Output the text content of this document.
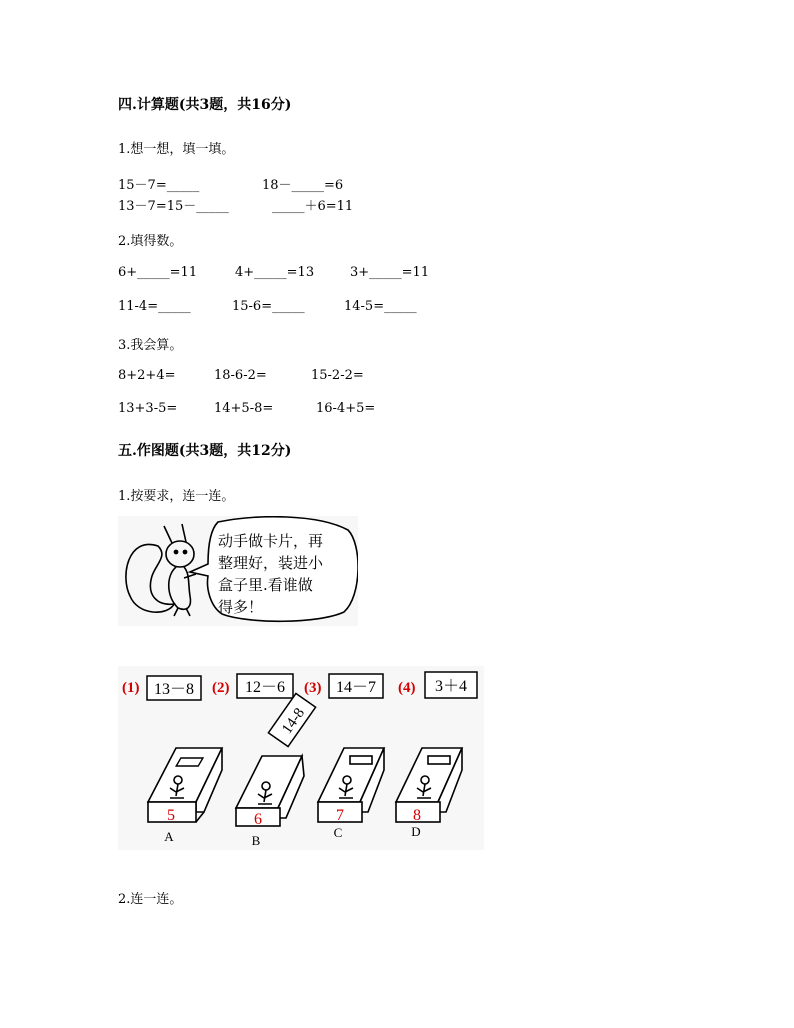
四.计算题(共3题，共16分)
1.想一想，填一填。
15－7=_____	18－_____=6
13－7=15－_____	_____＋6=11
2.填得数。
6+_____=11	4+_____=13	3+_____=11
11-4=_____	15-6=_____	14-5=_____
3.我会算。
8+2+4=	18-6-2=	15-2-2=
13+3-5=	14+5-8=	16-4+5=
五.作图题(共3题，共12分)
1.按要求，连一连。
动手做卡片，再
整理好，装进小
盒子里.看谁做
得多！
(1) 13－8 (2) 12－6 (3) 14－7 (4) 3＋4
5
A
14-8
6
B
7
C
8
D
2.连一连。
